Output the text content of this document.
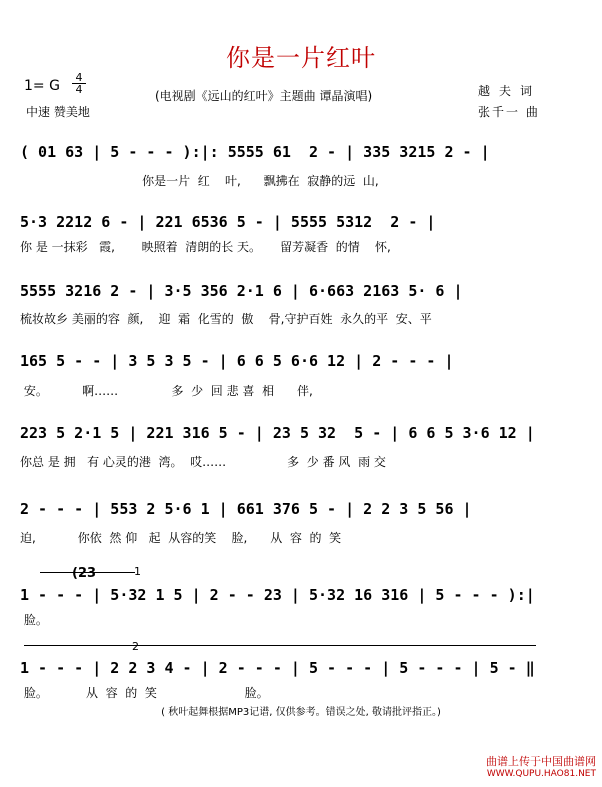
你是一片红叶
1= G
4
4	(电视剧《远山的红叶》主题曲 谭晶演唱)	越夫词
中速 赞美地	张千一 曲
( 01 63 | 5 - - - ):|: 5555 61  2 - | 335 3215 2 - |
你是一片  红    叶,      飘拂在  寂静的远  山,
5·3 2212 6 - | 221 6536 5 - | 5555 5312  2 - |
你 是 一抹彩   霞,       映照着  清朗的长 天。     留芳凝香  的情    怀,
5555 3216 2 - | 3·5 356 2·1 6 | 6·663 2163 5· 6 |
梳妆故乡 美丽的容  颜,    迎  霜  化雪的  傲    骨,守护百姓  永久的平  安、平
165 5 - - | 3 5 3 5 - | 6 6 5 6·6 12 | 2 - - - |
安。         啊……              多  少  回 悲 喜  相      伴,
223 5 2·1 5 | 221 316 5 - | 23 5 32  5 - | 6 6 5 3·6 12 |
你总 是 拥   有 心灵的港  湾。  哎……                多  少 番 风  雨 交
2 - - - | 553 2 5·6 1 | 661 376 5 - | 2 2 3 5 56 |
迫,           你依  然 仰   起  从容的笑    脸,      从  容  的  笑
1
(23
1 - - - | 5·32 1 5 | 2 - - 23 | 5·32 16 316 | 5 - - - ):|
脸。
2
1 - - - | 2 2 3 4 - | 2 - - - | 5 - - - | 5 - - - | 5 - ‖
脸。          从  容  的  笑                       脸。
( 秋叶起舞根据MP3记谱, 仅供参考。错误之处, 敬请批评指正。)
曲谱上传于中国曲谱网
WWW.QUPU.HAO81.NET
